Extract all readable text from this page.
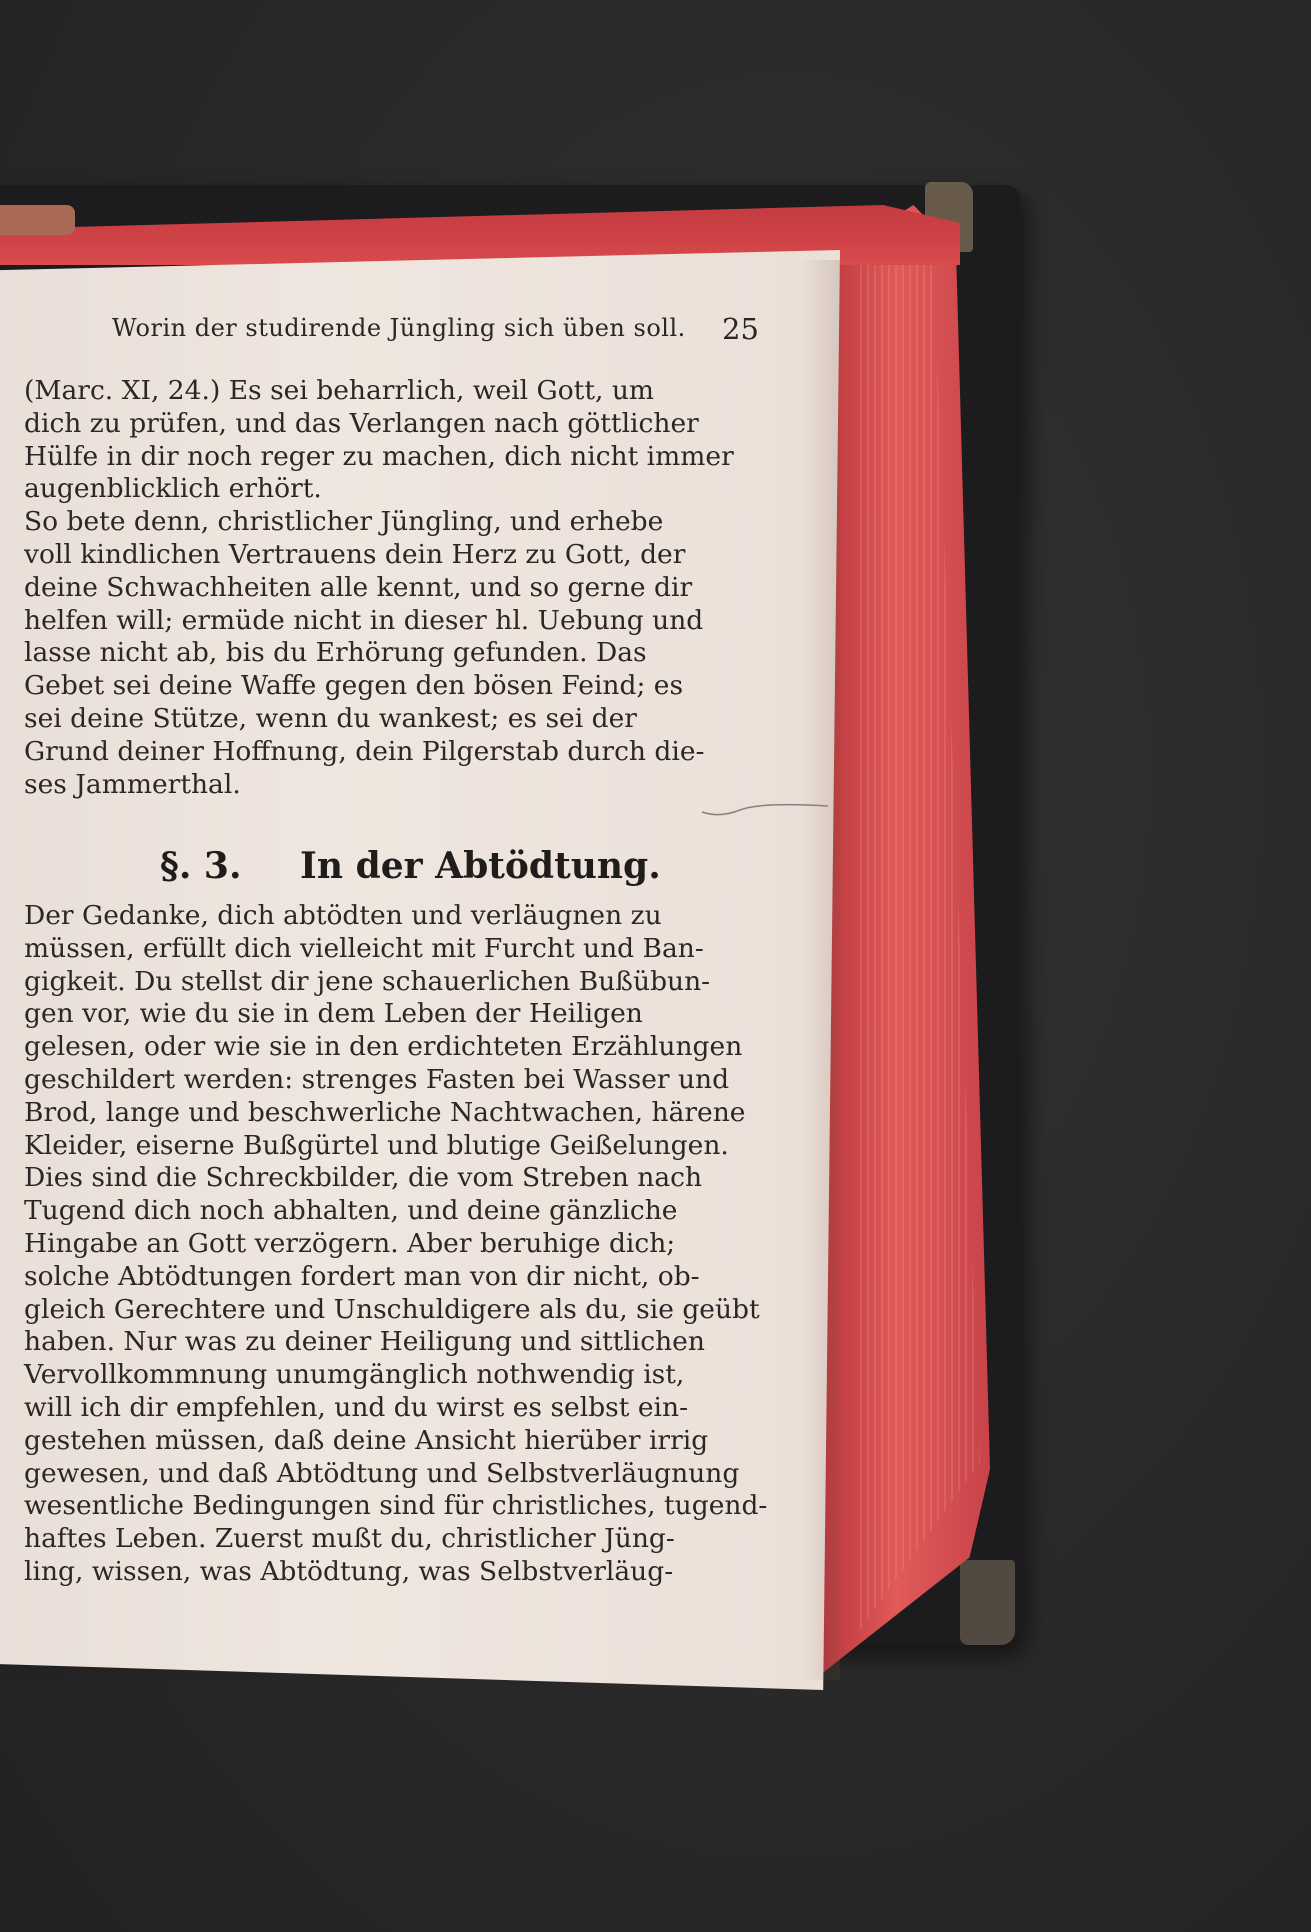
Worin der studirende Jüngling sich üben soll. 25
(Marc. XI, 24.) Es sei beharrlich, weil Gott, um
dich zu prüfen, und das Verlangen nach göttlicher
Hülfe in dir noch reger zu machen, dich nicht immer
augenblicklich erhört.
So bete denn, christlicher Jüngling, und erhebe
voll kindlichen Vertrauens dein Herz zu Gott, der
deine Schwachheiten alle kennt, und so gerne dir
helfen will; ermüde nicht in dieser hl. Uebung und
lasse nicht ab, bis du Erhörung gefunden. Das
Gebet sei deine Waffe gegen den bösen Feind; es
sei deine Stütze, wenn du wankest; es sei der
Grund deiner Hoffnung, dein Pilgerstab durch die-
ses Jammerthal.
§. 3. In der Abtödtung.
Der Gedanke, dich abtödten und verläugnen zu
müssen, erfüllt dich vielleicht mit Furcht und Ban-
gigkeit. Du stellst dir jene schauerlichen Bußübun-
gen vor, wie du sie in dem Leben der Heiligen
gelesen, oder wie sie in den erdichteten Erzählungen
geschildert werden: strenges Fasten bei Wasser und
Brod, lange und beschwerliche Nachtwachen, härene
Kleider, eiserne Bußgürtel und blutige Geißelungen.
Dies sind die Schreckbilder, die vom Streben nach
Tugend dich noch abhalten, und deine gänzliche
Hingabe an Gott verzögern. Aber beruhige dich;
solche Abtödtungen fordert man von dir nicht, ob-
gleich Gerechtere und Unschuldigere als du, sie geübt
haben. Nur was zu deiner Heiligung und sittlichen
Vervollkommnung unumgänglich nothwendig ist,
will ich dir empfehlen, und du wirst es selbst ein-
gestehen müssen, daß deine Ansicht hierüber irrig
gewesen, und daß Abtödtung und Selbstverläugnung
wesentliche Bedingungen sind für christliches, tugend-
haftes Leben. Zuerst mußt du, christlicher Jüng-
ling, wissen, was Abtödtung, was Selbstverläug-
